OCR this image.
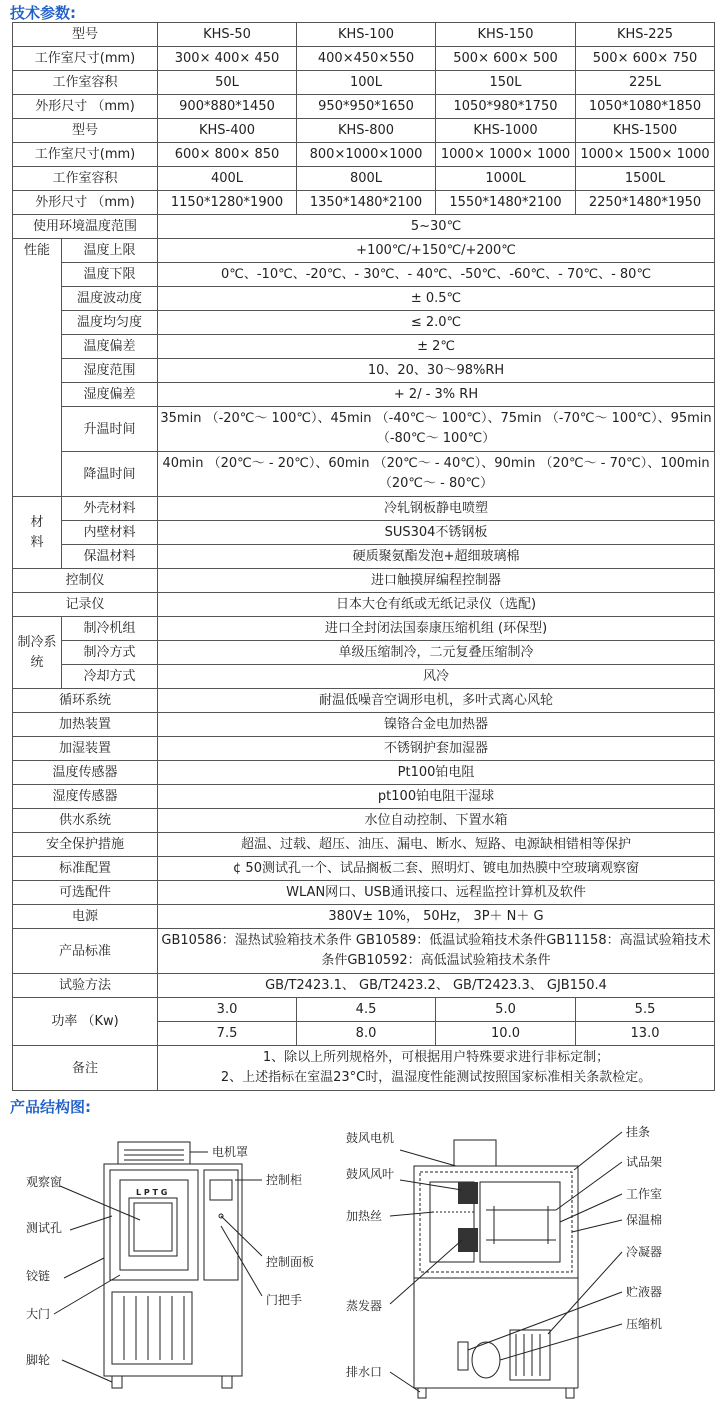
技术参数:
型号		KHS-50	KHS-100	KHS-150	KHS-225
工作室尺寸(mm)		300× 400× 450	400×450×550	500× 600× 500	500× 600× 750
工作室容积		50L	100L	150L	225L
外形尺寸 （mm)		900*880*1450	950*950*1650	1050*980*1750	1050*1080*1850
型号		KHS-400	KHS-800	KHS-1000	KHS-1500
工作室尺寸(mm)		600× 800× 850	800×1000×1000	1000× 1000× 1000	1000× 1500× 1000
工作室容积		400L	800L	1000L	1500L
外形尺寸 （mm)		1150*1280*1900	1350*1480*2100	1550*1480*2100	2250*1480*1950
使用环境温度范围		5~30℃			
性能	温度上限	+100℃/+150℃/+200℃			
	温度下限	0℃、-10℃、-20℃、- 30℃、- 40℃、-50℃、-60℃、- 70℃、- 80℃			
	温度波动度	± 0.5℃			
	温度均匀度	≤ 2.0℃			
	温度偏差	± 2℃			
	湿度范围	10、20、30～98%RH			
	湿度偏差	+ 2/ - 3% RH			
	升温时间	35min （-20℃～ 100℃）、45min （-40℃～ 100℃）、75min （-70℃～ 100℃）、95min （-80℃～ 100℃）			
	降温时间	40min （20℃～ - 20℃）、60min （20℃～ - 40℃）、90min （20℃～ - 70℃）、100min （20℃～ - 80℃）			
材 料	外壳材料	冷轧钢板静电喷塑			
	内壁材料	SUS304不锈钢板			
	保温材料	硬质聚氨酯发泡+超细玻璃棉			
控制仪		进口触摸屏编程控制器			
记录仪		日本大仓有纸或无纸记录仪（选配)			
制冷系统	制冷机组	进口全封闭法国泰康压缩机组 (环保型)			
	制冷方式	单级压缩制冷，二元复叠压缩制冷			
	冷却方式	风冷			
循环系统		耐温低噪音空调形电机，多叶式离心风轮			
加热装置		镍铬合金电加热器			
加湿装置		不锈钢护套加湿器			
温度传感器		Pt100铂电阻			
湿度传感器		pt100铂电阻干湿球			
供水系统		水位自动控制、下置水箱			
安全保护措施		超温、过载、超压、油压、漏电、断水、短路、电源缺相错相等保护			
标准配置		¢ 50测试孔一个、试品搁板二套、照明灯、镀电加热膜中空玻璃观察窗			
可选配件		WLAN网口、USB通讯接口、远程监控计算机及软件			
电源		380V± 10%， 50Hz， 3P＋ N＋ G			
产品标准		GB10586：湿热试验箱技术条件 GB10589：低温试验箱技术条件GB11158：高温试验箱技术条件GB10592：高低温试验箱技术条件			
试验方法		GB/T2423.1、 GB/T2423.2、 GB/T2423.3、 GJB150.4			
功率 （Kw)		3.0	4.5	5.0	5.5
		7.5	8.0	10.0	13.0
备注		1、除以上所列规格外，可根据用户特殊要求进行非标定制；
2、上述指标在室温23°C时，温湿度性能测试按照国家标准相关条款检定。			
产品结构图:
L P T G
电机罩
观察窗	控制柜
测试孔
铰链
控制面板
大门
门把手
脚轮
鼓风电机
鼓风风叶
加热丝
蒸发器
排水口
挂条
试品架
工作室
保温棉
冷凝器
贮液器
压缩机
